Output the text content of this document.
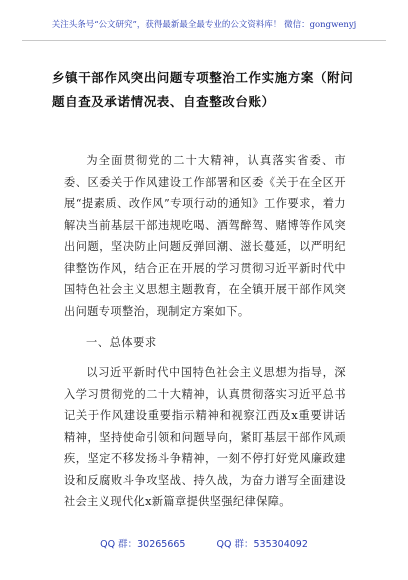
关注头条号“公文研究”，获得最新最全最专业的公文资料库！ 微信：gongwenyj
乡镇干部作风突出问题专项整治工作实施方案（附问题自查及承诺情况表、自查整改台账）
为全面贯彻党的二十大精神，认真落实省委、市委、区委关于作风建设工作部署和区委《关于在全区开展“提素质、改作风”专项行动的通知》工作要求，着力解决当前基层干部违规吃喝、酒驾醉驾、赌博等作风突出问题，坚决防止问题反弹回潮、滋长蔓延，以严明纪律整饬作风，结合正在开展的学习贯彻习近平新时代中国特色社会主义思想主题教育，在全镇开展干部作风突出问题专项整治，现制定方案如下。
一、总体要求
以习近平新时代中国特色社会主义思想为指导，深入学习贯彻党的二十大精神，认真贯彻落实习近平总书记关于作风建设重要指示精神和视察江西及x重要讲话精神，坚持使命引领和问题导向，紧盯基层干部作风顽疾，坚定不移发扬斗争精神，一刻不停打好党风廉政建设和反腐败斗争攻坚战、持久战，为奋力谱写全面建设社会主义现代化x新篇章提供坚强纪律保障。
QQ 群：30265665	QQ 群：535304092
